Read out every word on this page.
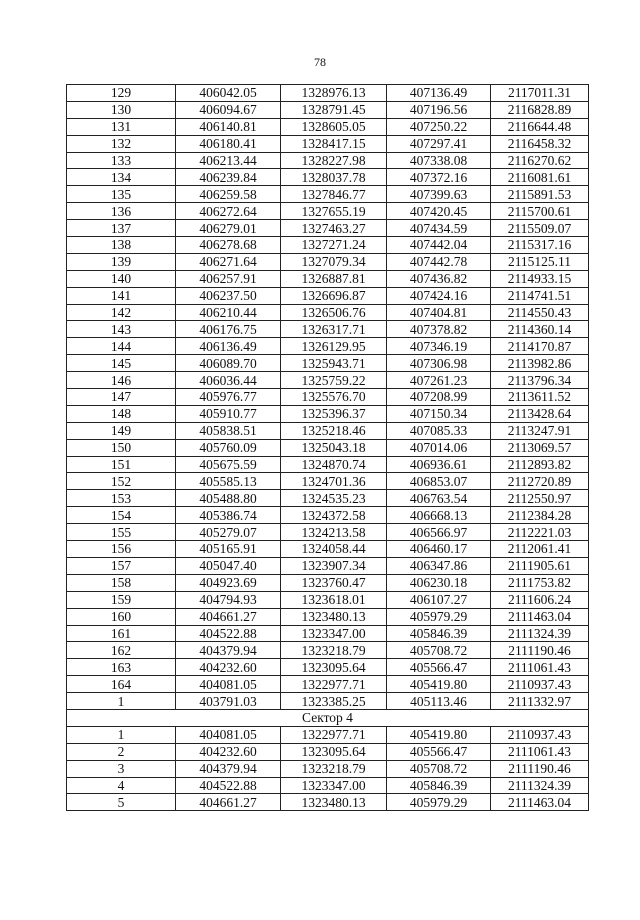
78
129	406042.05	1328976.13	407136.49	2117011.31
130	406094.67	1328791.45	407196.56	2116828.89
131	406140.81	1328605.05	407250.22	2116644.48
132	406180.41	1328417.15	407297.41	2116458.32
133	406213.44	1328227.98	407338.08	2116270.62
134	406239.84	1328037.78	407372.16	2116081.61
135	406259.58	1327846.77	407399.63	2115891.53
136	406272.64	1327655.19	407420.45	2115700.61
137	406279.01	1327463.27	407434.59	2115509.07
138	406278.68	1327271.24	407442.04	2115317.16
139	406271.64	1327079.34	407442.78	2115125.11
140	406257.91	1326887.81	407436.82	2114933.15
141	406237.50	1326696.87	407424.16	2114741.51
142	406210.44	1326506.76	407404.81	2114550.43
143	406176.75	1326317.71	407378.82	2114360.14
144	406136.49	1326129.95	407346.19	2114170.87
145	406089.70	1325943.71	407306.98	2113982.86
146	406036.44	1325759.22	407261.23	2113796.34
147	405976.77	1325576.70	407208.99	2113611.52
148	405910.77	1325396.37	407150.34	2113428.64
149	405838.51	1325218.46	407085.33	2113247.91
150	405760.09	1325043.18	407014.06	2113069.57
151	405675.59	1324870.74	406936.61	2112893.82
152	405585.13	1324701.36	406853.07	2112720.89
153	405488.80	1324535.23	406763.54	2112550.97
154	405386.74	1324372.58	406668.13	2112384.28
155	405279.07	1324213.58	406566.97	2112221.03
156	405165.91	1324058.44	406460.17	2112061.41
157	405047.40	1323907.34	406347.86	2111905.61
158	404923.69	1323760.47	406230.18	2111753.82
159	404794.93	1323618.01	406107.27	2111606.24
160	404661.27	1323480.13	405979.29	2111463.04
161	404522.88	1323347.00	405846.39	2111324.39
162	404379.94	1323218.79	405708.72	2111190.46
163	404232.60	1323095.64	405566.47	2111061.43
164	404081.05	1322977.71	405419.80	2110937.43
1	403791.03	1323385.25	405113.46	2111332.97
Сектор 4				
1	404081.05	1322977.71	405419.80	2110937.43
2	404232.60	1323095.64	405566.47	2111061.43
3	404379.94	1323218.79	405708.72	2111190.46
4	404522.88	1323347.00	405846.39	2111324.39
5	404661.27	1323480.13	405979.29	2111463.04
